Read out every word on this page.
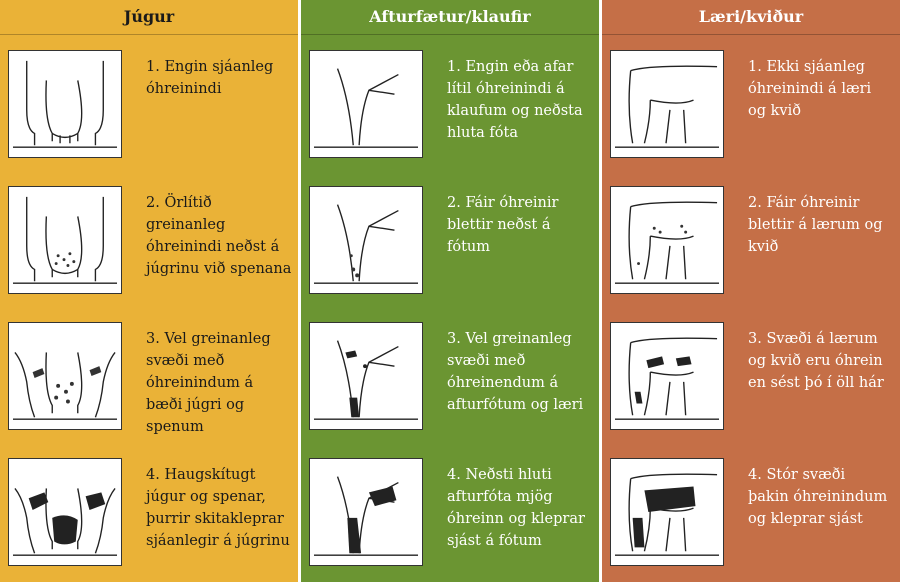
Júgur
1. Engin sjáanleg óhreinindi
2. Örlítið greinanleg óhreinindi neðst á júgrinu við spenana
3. Vel greinanleg svæði með óhreinindum á bæði júgri og spenum
4. Haugskítugt júgur og spenar, þurrir skitakleprar sjáanlegir á júgrinu
Afturfætur/klaufir
1. Engin eða afar lítil óhreinindi á klaufum og neðsta hluta fóta
2. Fáir óhreinir blettir neðst á fótum
3. Vel greinanleg svæði með óhreinendum á afturfótum og læri
4. Neðsti hluti afturfóta mjög óhreinn og kleprar sjást á fótum
Læri/kviður
1. Ekki sjáanleg óhreinindi á læri og kvið
2. Fáir óhreinir blettir á lærum og kvið
3. Svæði á lærum og kvið eru óhrein en sést þó í öll hár
4. Stór svæði þakin óhreinindum og kleprar sjást
